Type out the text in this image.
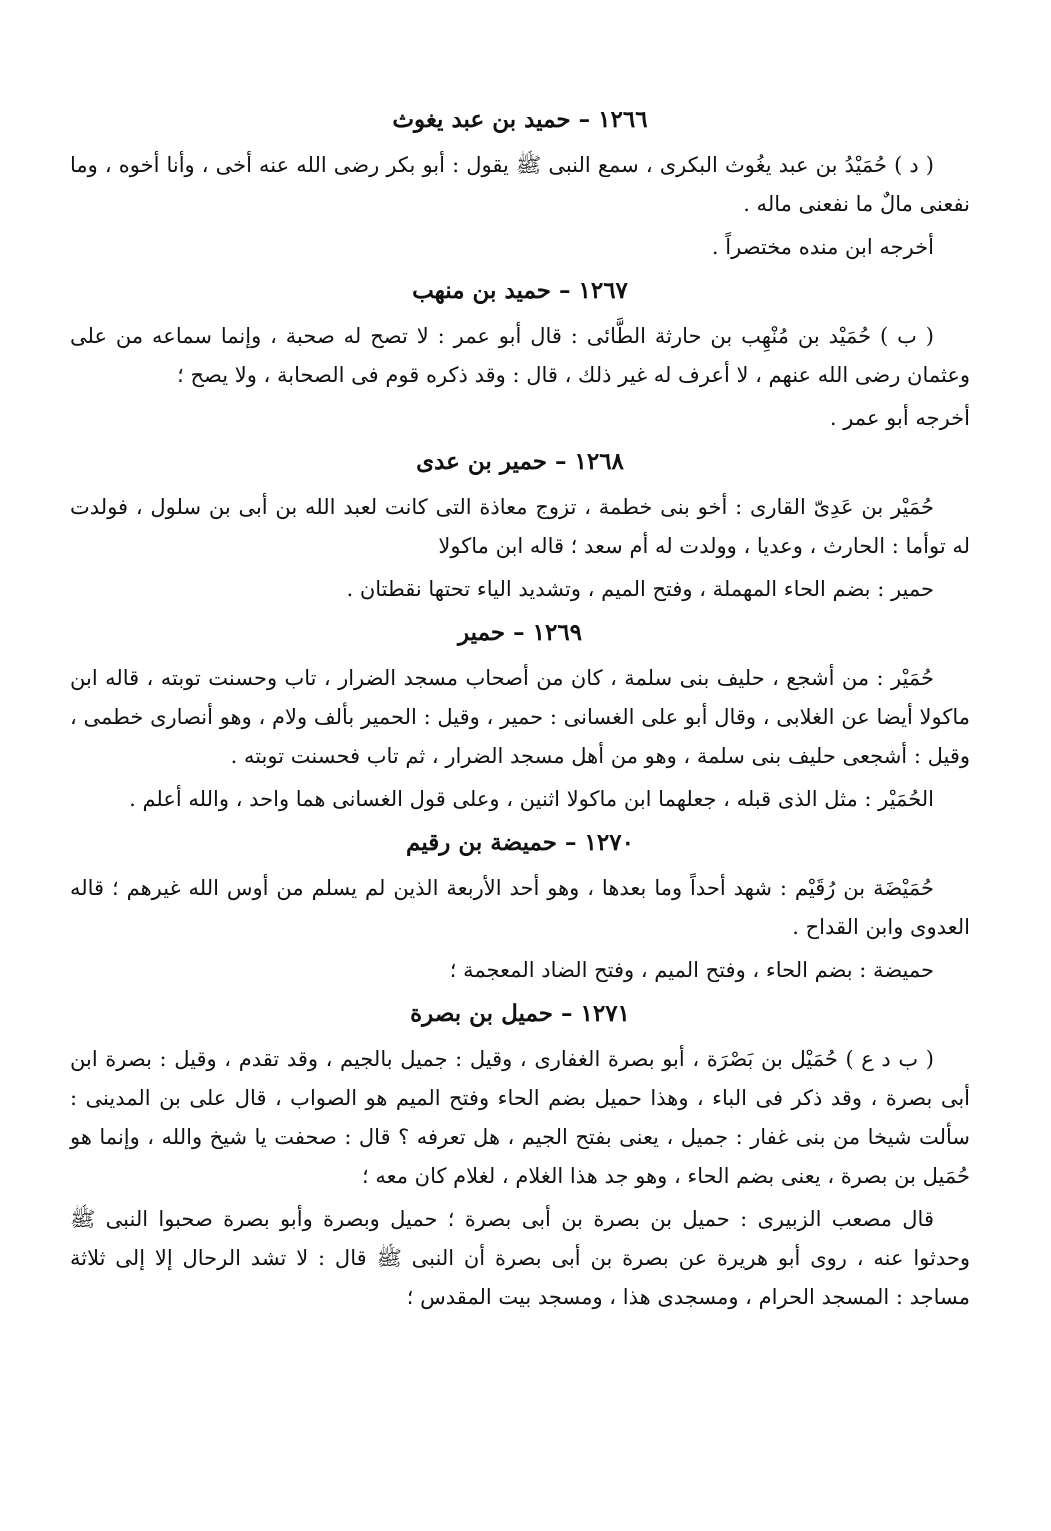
١٢٦٦ – حميد بن عبد يغوث

( د ) حُمَيْدُ بن عبد يغُوث البكرى ، سمع النبى ﷺ يقول : أبو بكر رضى الله عنه أخى ، وأنا أخوه ، وما نفعنى مالٌ ما نفعنى ماله .

أخرجه ابن منده مختصراً .

١٢٦٧ – حميد بن منهب

( ب ) حُمَيْد بن مُنْهِب بن حارثة الطَّائى : قال أبو عمر : لا تصح له صحبة ، وإنما سماعه من على وعثمان رضى الله عنهم ، لا أعرف له غير ذلك ، قال : وقد ذكره قوم فى الصحابة ، ولا يصح ؛

أخرجه أبو عمر .

١٢٦٨ – حمير بن عدى

حُمَيْر بن عَدِىّ القارى : أخو بنى خطمة ، تزوج معاذة التى كانت لعبد الله بن أبى بن سلول ، فولدت له توأما : الحارث ، وعديا ، وولدت له أم سعد ؛ قاله ابن ماكولا

حمير : بضم الحاء المهملة ، وفتح الميم ، وتشديد الياء تحتها نقطتان .

١٢٦٩ – حمير

حُمَيْر : من أشجع ، حليف بنى سلمة ، كان من أصحاب مسجد الضرار ، تاب وحسنت توبته ، قاله ابن ماكولا أيضا عن الغلابى ، وقال أبو على الغسانى : حمير ، وقيل : الحمير بألف ولام ، وهو أنصارى خطمى ، وقيل : أشجعى حليف بنى سلمة ، وهو من أهل مسجد الضرار ، ثم تاب فحسنت توبته .

الحُمَيْر : مثل الذى قبله ، جعلهما ابن ماكولا اثنين ، وعلى قول الغسانى هما واحد ، والله أعلم .

١٢٧٠ – حميضة بن رقيم

حُمَيْضَة بن رُقَيْم : شهد أحداً وما بعدها ، وهو أحد الأربعة الذين لم يسلم من أوس الله غيرهم ؛ قاله العدوى وابن القداح .

حميضة : بضم الحاء ، وفتح الميم ، وفتح الضاد المعجمة ؛

١٢٧١ – حميل بن بصرة

( ب د ع ) حُمَيْل بن بَصْرَة ، أبو بصرة الغفارى ، وقيل : جميل بالجيم ، وقد تقدم ، وقيل : بصرة ابن أبى بصرة ، وقد ذكر فى الباء ، وهذا حميل بضم الحاء وفتح الميم هو الصواب ، قال على بن المدينى : سألت شيخا من بنى غفار : جميل ، يعنى بفتح الجيم ، هل تعرفه ؟ قال : صحفت يا شيخ والله ، وإنما هو حُمَيل بن بصرة ، يعنى بضم الحاء ، وهو جد هذا الغلام ، لغلام كان معه ؛

قال مصعب الزبيرى : حميل بن بصرة بن أبى بصرة ؛ حميل وبصرة وأبو بصرة صحبوا النبى ﷺ وحدثوا عنه ، روى أبو هريرة عن بصرة بن أبى بصرة أن النبى ﷺ قال : لا تشد الرحال إلا إلى ثلاثة مساجد : المسجد الحرام ، ومسجدى هذا ، ومسجد بيت المقدس ؛
